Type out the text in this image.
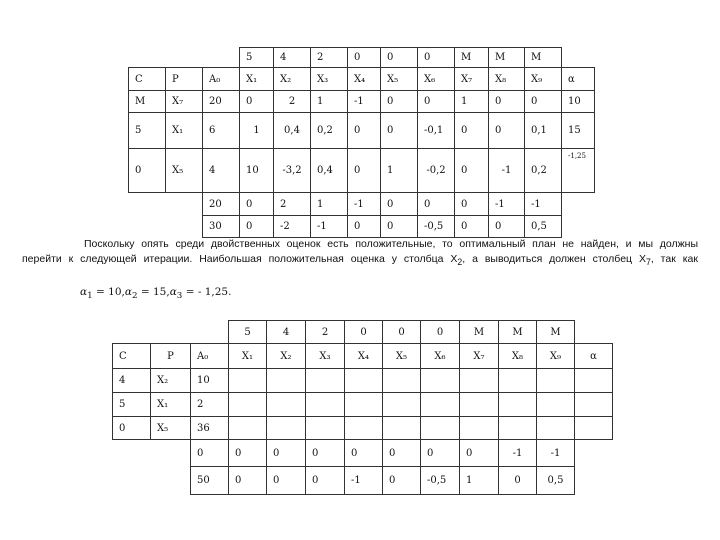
			5	4	2	0	0	0	M	M	M	
C	P	A₀	X₁	X₂	X₃	X₄	X₅	X₆	X₇	X₈	X₉	α
M	X₇	20	0	2	1	-1	0	0	1	0	0	10
5	X₁	6	1	0,4	0,2	0	0	-0,1	0	0	0,1	15
0	X₅	4	10	-3,2	0,4	0	1	-0,2	0	-1	0,2	-1,25
		20	0	2	1	-1	0	0	0	-1	-1	
		30	0	-2	-1	0	0	-0,5	0	0	0,5	

Поскольку опять среди двойственных оценок есть положительные, то оптимальный план не найден, и мы должны

перейти к следующей итерации. Наибольшая положительная оценка у столбца $X_2$, а выводиться должен столбец $X_7$, так как

$\alpha_1 = 10,\alpha_2 = 15,\alpha_3$ = - 1,25.
			5	4	2	0	0	0	M	M	M	
C	P	A₀	X₁	X₂	X₃	X₄	X₅	X₆	X₇	X₈	X₉	α
4	X₂	10										
5	X₁	2										
0	X₅	36										
		0	0	0	0	0	0	0	0	-1	-1	
		50	0	0	0	-1	0	-0,5	1	0	0,5	
